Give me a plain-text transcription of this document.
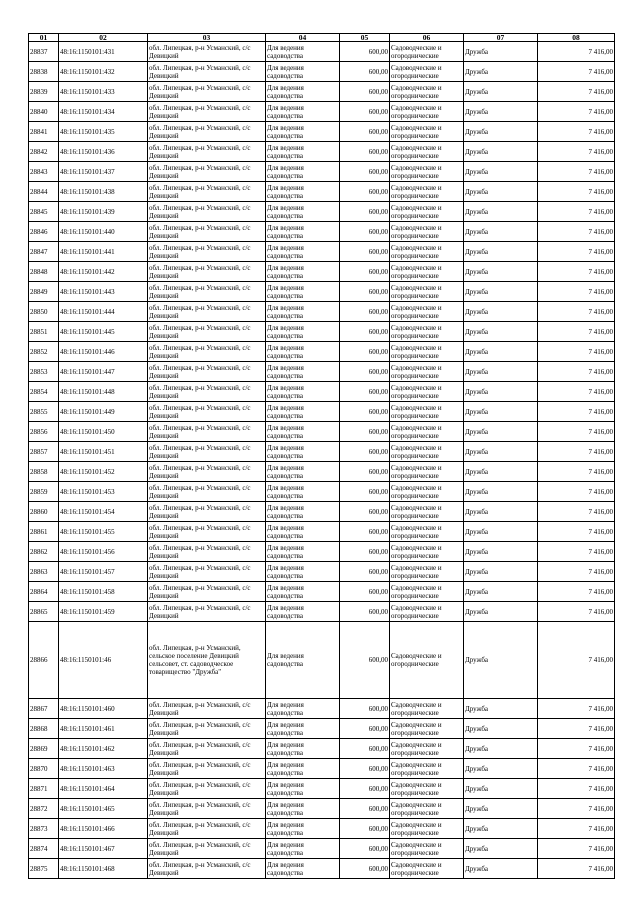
01	02	03	04	05	06	07	08
28837	48:16:1150101:431	обл. Липецкая, р-н Усманский, с/с Девицкий	Для ведения садоводства	600,00	Садоводческие и огороднические	Дружба	7 416,00
28838	48:16:1150101:432	обл. Липецкая, р-н Усманский, с/с Девицкий	Для ведения садоводства	600,00	Садоводческие и огороднические	Дружба	7 416,00
28839	48:16:1150101:433	обл. Липецкая, р-н Усманский, с/с Девицкий	Для ведения садоводства	600,00	Садоводческие и огороднические	Дружба	7 416,00
28840	48:16:1150101:434	обл. Липецкая, р-н Усманский, с/с Девицкий	Для ведения садоводства	600,00	Садоводческие и огороднические	Дружба	7 416,00
28841	48:16:1150101:435	обл. Липецкая, р-н Усманский, с/с Девицкий	Для ведения садоводства	600,00	Садоводческие и огороднические	Дружба	7 416,00
28842	48:16:1150101:436	обл. Липецкая, р-н Усманский, с/с Девицкий	Для ведения садоводства	600,00	Садоводческие и огороднические	Дружба	7 416,00
28843	48:16:1150101:437	обл. Липецкая, р-н Усманский, с/с Девицкий	Для ведения садоводства	600,00	Садоводческие и огороднические	Дружба	7 416,00
28844	48:16:1150101:438	обл. Липецкая, р-н Усманский, с/с Девицкий	Для ведения садоводства	600,00	Садоводческие и огороднические	Дружба	7 416,00
28845	48:16:1150101:439	обл. Липецкая, р-н Усманский, с/с Девицкий	Для ведения садоводства	600,00	Садоводческие и огороднические	Дружба	7 416,00
28846	48:16:1150101:440	обл. Липецкая, р-н Усманский, с/с Девицкий	Для ведения садоводства	600,00	Садоводческие и огороднические	Дружба	7 416,00
28847	48:16:1150101:441	обл. Липецкая, р-н Усманский, с/с Девицкий	Для ведения садоводства	600,00	Садоводческие и огороднические	Дружба	7 416,00
28848	48:16:1150101:442	обл. Липецкая, р-н Усманский, с/с Девицкий	Для ведения садоводства	600,00	Садоводческие и огороднические	Дружба	7 416,00
28849	48:16:1150101:443	обл. Липецкая, р-н Усманский, с/с Девицкий	Для ведения садоводства	600,00	Садоводческие и огороднические	Дружба	7 416,00
28850	48:16:1150101:444	обл. Липецкая, р-н Усманский, с/с Девицкий	Для ведения садоводства	600,00	Садоводческие и огороднические	Дружба	7 416,00
28851	48:16:1150101:445	обл. Липецкая, р-н Усманский, с/с Девицкий	Для ведения садоводства	600,00	Садоводческие и огороднические	Дружба	7 416,00
28852	48:16:1150101:446	обл. Липецкая, р-н Усманский, с/с Девицкий	Для ведения садоводства	600,00	Садоводческие и огороднические	Дружба	7 416,00
28853	48:16:1150101:447	обл. Липецкая, р-н Усманский, с/с Девицкий	Для ведения садоводства	600,00	Садоводческие и огороднические	Дружба	7 416,00
28854	48:16:1150101:448	обл. Липецкая, р-н Усманский, с/с Девицкий	Для ведения садоводства	600,00	Садоводческие и огороднические	Дружба	7 416,00
28855	48:16:1150101:449	обл. Липецкая, р-н Усманский, с/с Девицкий	Для ведения садоводства	600,00	Садоводческие и огороднические	Дружба	7 416,00
28856	48:16:1150101:450	обл. Липецкая, р-н Усманский, с/с Девицкий	Для ведения садоводства	600,00	Садоводческие и огороднические	Дружба	7 416,00
28857	48:16:1150101:451	обл. Липецкая, р-н Усманский, с/с Девицкий	Для ведения садоводства	600,00	Садоводческие и огороднические	Дружба	7 416,00
28858	48:16:1150101:452	обл. Липецкая, р-н Усманский, с/с Девицкий	Для ведения садоводства	600,00	Садоводческие и огороднические	Дружба	7 416,00
28859	48:16:1150101:453	обл. Липецкая, р-н Усманский, с/с Девицкий	Для ведения садоводства	600,00	Садоводческие и огороднические	Дружба	7 416,00
28860	48:16:1150101:454	обл. Липецкая, р-н Усманский, с/с Девицкий	Для ведения садоводства	600,00	Садоводческие и огороднические	Дружба	7 416,00
28861	48:16:1150101:455	обл. Липецкая, р-н Усманский, с/с Девицкий	Для ведения садоводства	600,00	Садоводческие и огороднические	Дружба	7 416,00
28862	48:16:1150101:456	обл. Липецкая, р-н Усманский, с/с Девицкий	Для ведения садоводства	600,00	Садоводческие и огороднические	Дружба	7 416,00
28863	48:16:1150101:457	обл. Липецкая, р-н Усманский, с/с Девицкий	Для ведения садоводства	600,00	Садоводческие и огороднические	Дружба	7 416,00
28864	48:16:1150101:458	обл. Липецкая, р-н Усманский, с/с Девицкий	Для ведения садоводства	600,00	Садоводческие и огороднические	Дружба	7 416,00
28865	48:16:1150101:459	обл. Липецкая, р-н Усманский, с/с Девицкий	Для ведения садоводства	600,00	Садоводческие и огороднические	Дружба	7 416,00
28866	48:16:1150101:46	обл. Липецкая, р-н Усманский, сельское поселение Девицкий сельсовет, ст. садоводческое товарищество "Дружба"	Для ведения садоводства	600,00	Садоводческие и огороднические	Дружба	7 416,00
28867	48:16:1150101:460	обл. Липецкая, р-н Усманский, с/с Девицкий	Для ведения садоводства	600,00	Садоводческие и огороднические	Дружба	7 416,00
28868	48:16:1150101:461	обл. Липецкая, р-н Усманский, с/с Девицкий	Для ведения садоводства	600,00	Садоводческие и огороднические	Дружба	7 416,00
28869	48:16:1150101:462	обл. Липецкая, р-н Усманский, с/с Девицкий	Для ведения садоводства	600,00	Садоводческие и огороднические	Дружба	7 416,00
28870	48:16:1150101:463	обл. Липецкая, р-н Усманский, с/с Девицкий	Для ведения садоводства	600,00	Садоводческие и огороднические	Дружба	7 416,00
28871	48:16:1150101:464	обл. Липецкая, р-н Усманский, с/с Девицкий	Для ведения садоводства	600,00	Садоводческие и огороднические	Дружба	7 416,00
28872	48:16:1150101:465	обл. Липецкая, р-н Усманский, с/с Девицкий	Для ведения садоводства	600,00	Садоводческие и огороднические	Дружба	7 416,00
28873	48:16:1150101:466	обл. Липецкая, р-н Усманский, с/с Девицкий	Для ведения садоводства	600,00	Садоводческие и огороднические	Дружба	7 416,00
28874	48:16:1150101:467	обл. Липецкая, р-н Усманский, с/с Девицкий	Для ведения садоводства	600,00	Садоводческие и огороднические	Дружба	7 416,00
28875	48:16:1150101:468	обл. Липецкая, р-н Усманский, с/с Девицкий	Для ведения садоводства	600,00	Садоводческие и огороднические	Дружба	7 416,00
